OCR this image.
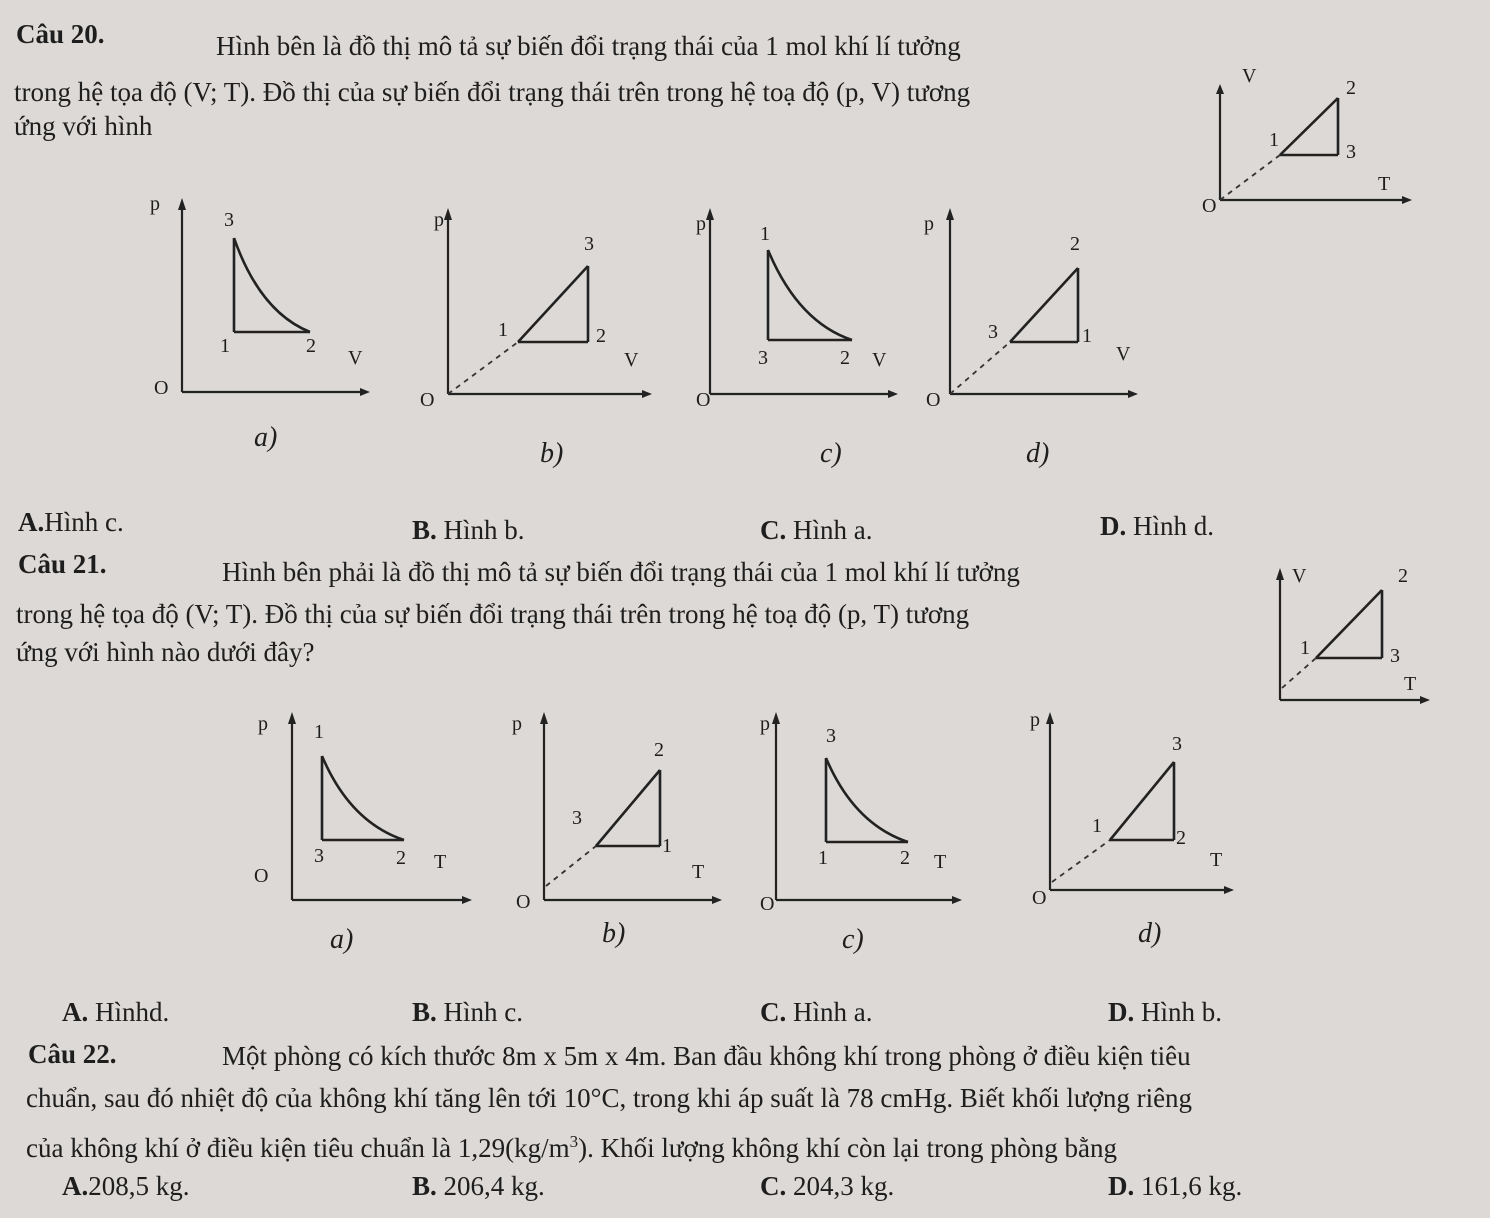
Câu 20.	Hình bên là đồ thị mô tả sự biến đổi trạng thái của 1 mol khí lí tưởng
trong hệ tọa độ (V; T). Đồ thị của sự biến đổi trạng thái trên trong hệ toạ độ (p, V) tương
ứng với hình
V
T
O
1
2
3
p
V
O
3
1	2
a)
p
V
O
3
1	2
b)
p
V
O
1
3	2
c)
p
V
O
2
3	1
d)
A.Hình c.	B. Hình b.	C. Hình a.	D. Hình d.
Câu 21.	Hình bên phải là đồ thị mô tả sự biến đổi trạng thái của 1 mol khí lí tưởng
trong hệ tọa độ (V; T). Đồ thị của sự biến đổi trạng thái trên trong hệ toạ độ (p, T) tương
ứng với hình nào dưới đây?
V
T
2
1	3
p
T
O
1
3	2
a)
p
T
O
2
3
1
b)
p
T
O
3
1	2
c)
p
T
O
3
1
2
d)
A. Hìnhd.	B. Hình c.	C. Hình a.	D. Hình b.
Câu 22.	Một phòng có kích thước 8m x 5m x 4m. Ban đầu không khí trong phòng ở điều kiện tiêu
chuẩn, sau đó nhiệt độ của không khí tăng lên tới 10°C, trong khi áp suất là 78 cmHg. Biết khối lượng riêng
của không khí ở điều kiện tiêu chuẩn là $1,29(kg/m^3)$. Khối lượng không khí còn lại trong phòng bằng
A.208,5 kg.	B. 206,4 kg.	C. 204,3 kg.	D. 161,6 kg.
